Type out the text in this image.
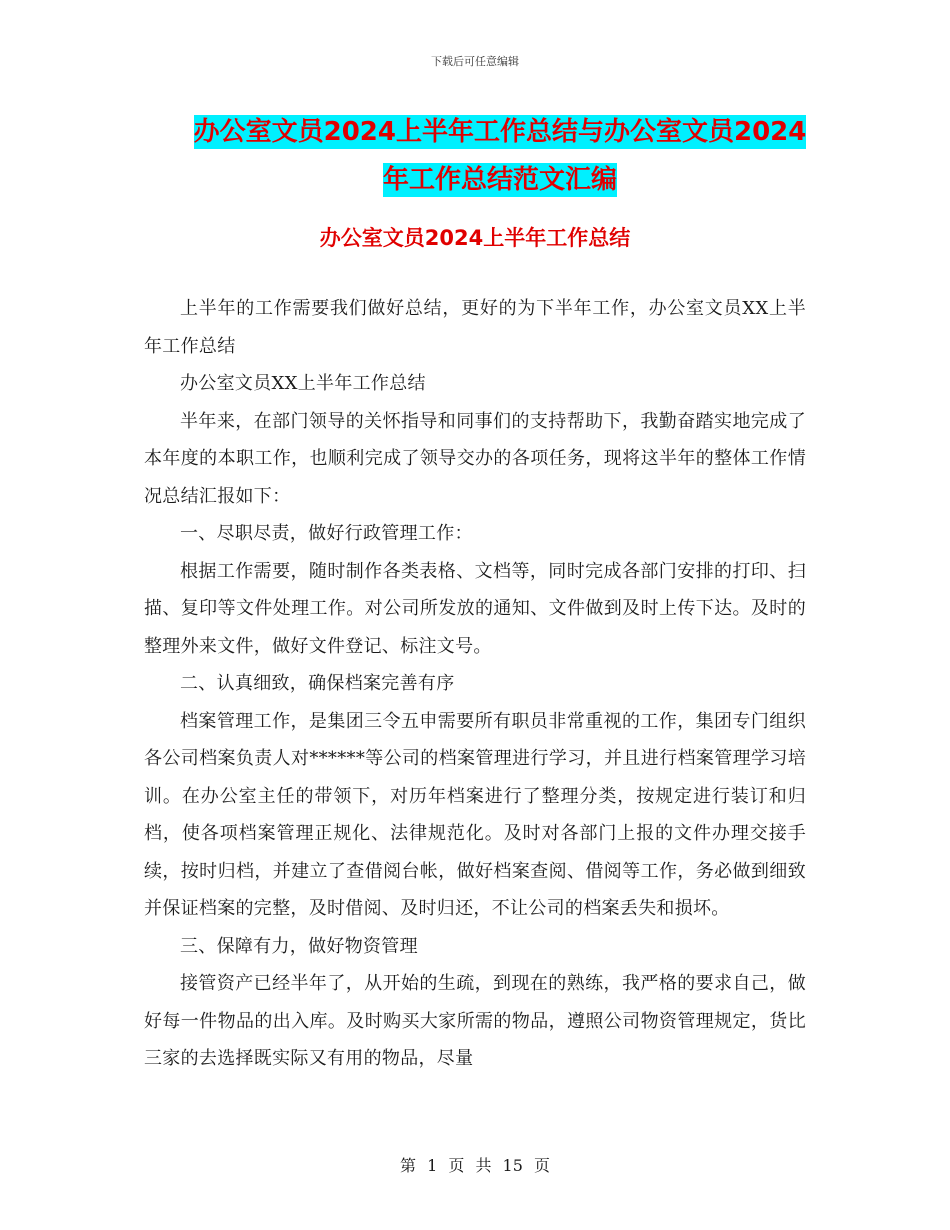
下载后可任意编辑
办公室文员2024上半年工作总结与办公室文员2024
年工作总结范文汇编
办公室文员2024上半年工作总结

上半年的工作需要我们做好总结，更好的为下半年工作，办公室文员XX上半年工作总结

办公室文员XX上半年工作总结

半年来，在部门领导的关怀指导和同事们的支持帮助下，我勤奋踏实地完成了本年度的本职工作，也顺利完成了领导交办的各项任务，现将这半年的整体工作情况总结汇报如下：

一、尽职尽责，做好行政管理工作：

根据工作需要，随时制作各类表格、文档等，同时完成各部门安排的打印、扫描、复印等文件处理工作。对公司所发放的通知、文件做到及时上传下达。及时的整理外来文件，做好文件登记、标注文号。

二、认真细致，确保档案完善有序

档案管理工作，是集团三令五申需要所有职员非常重视的工作，集团专门组织各公司档案负责人对******等公司的档案管理进行学习，并且进行档案管理学习培训。在办公室主任的带领下，对历年档案进行了整理分类，按规定进行装订和归档，使各项档案管理正规化、法律规范化。及时对各部门上报的文件办理交接手续，按时归档，并建立了查借阅台帐，做好档案查阅、借阅等工作，务必做到细致并保证档案的完整，及时借阅、及时归还，不让公司的档案丢失和损坏。

三、保障有力，做好物资管理

接管资产已经半年了，从开始的生疏，到现在的熟练，我严格的要求自己，做好每一件物品的出入库。及时购买大家所需的物品，遵照公司物资管理规定，货比三家的去选择既实际又有用的物品，尽量

第 1 页 共 15 页
